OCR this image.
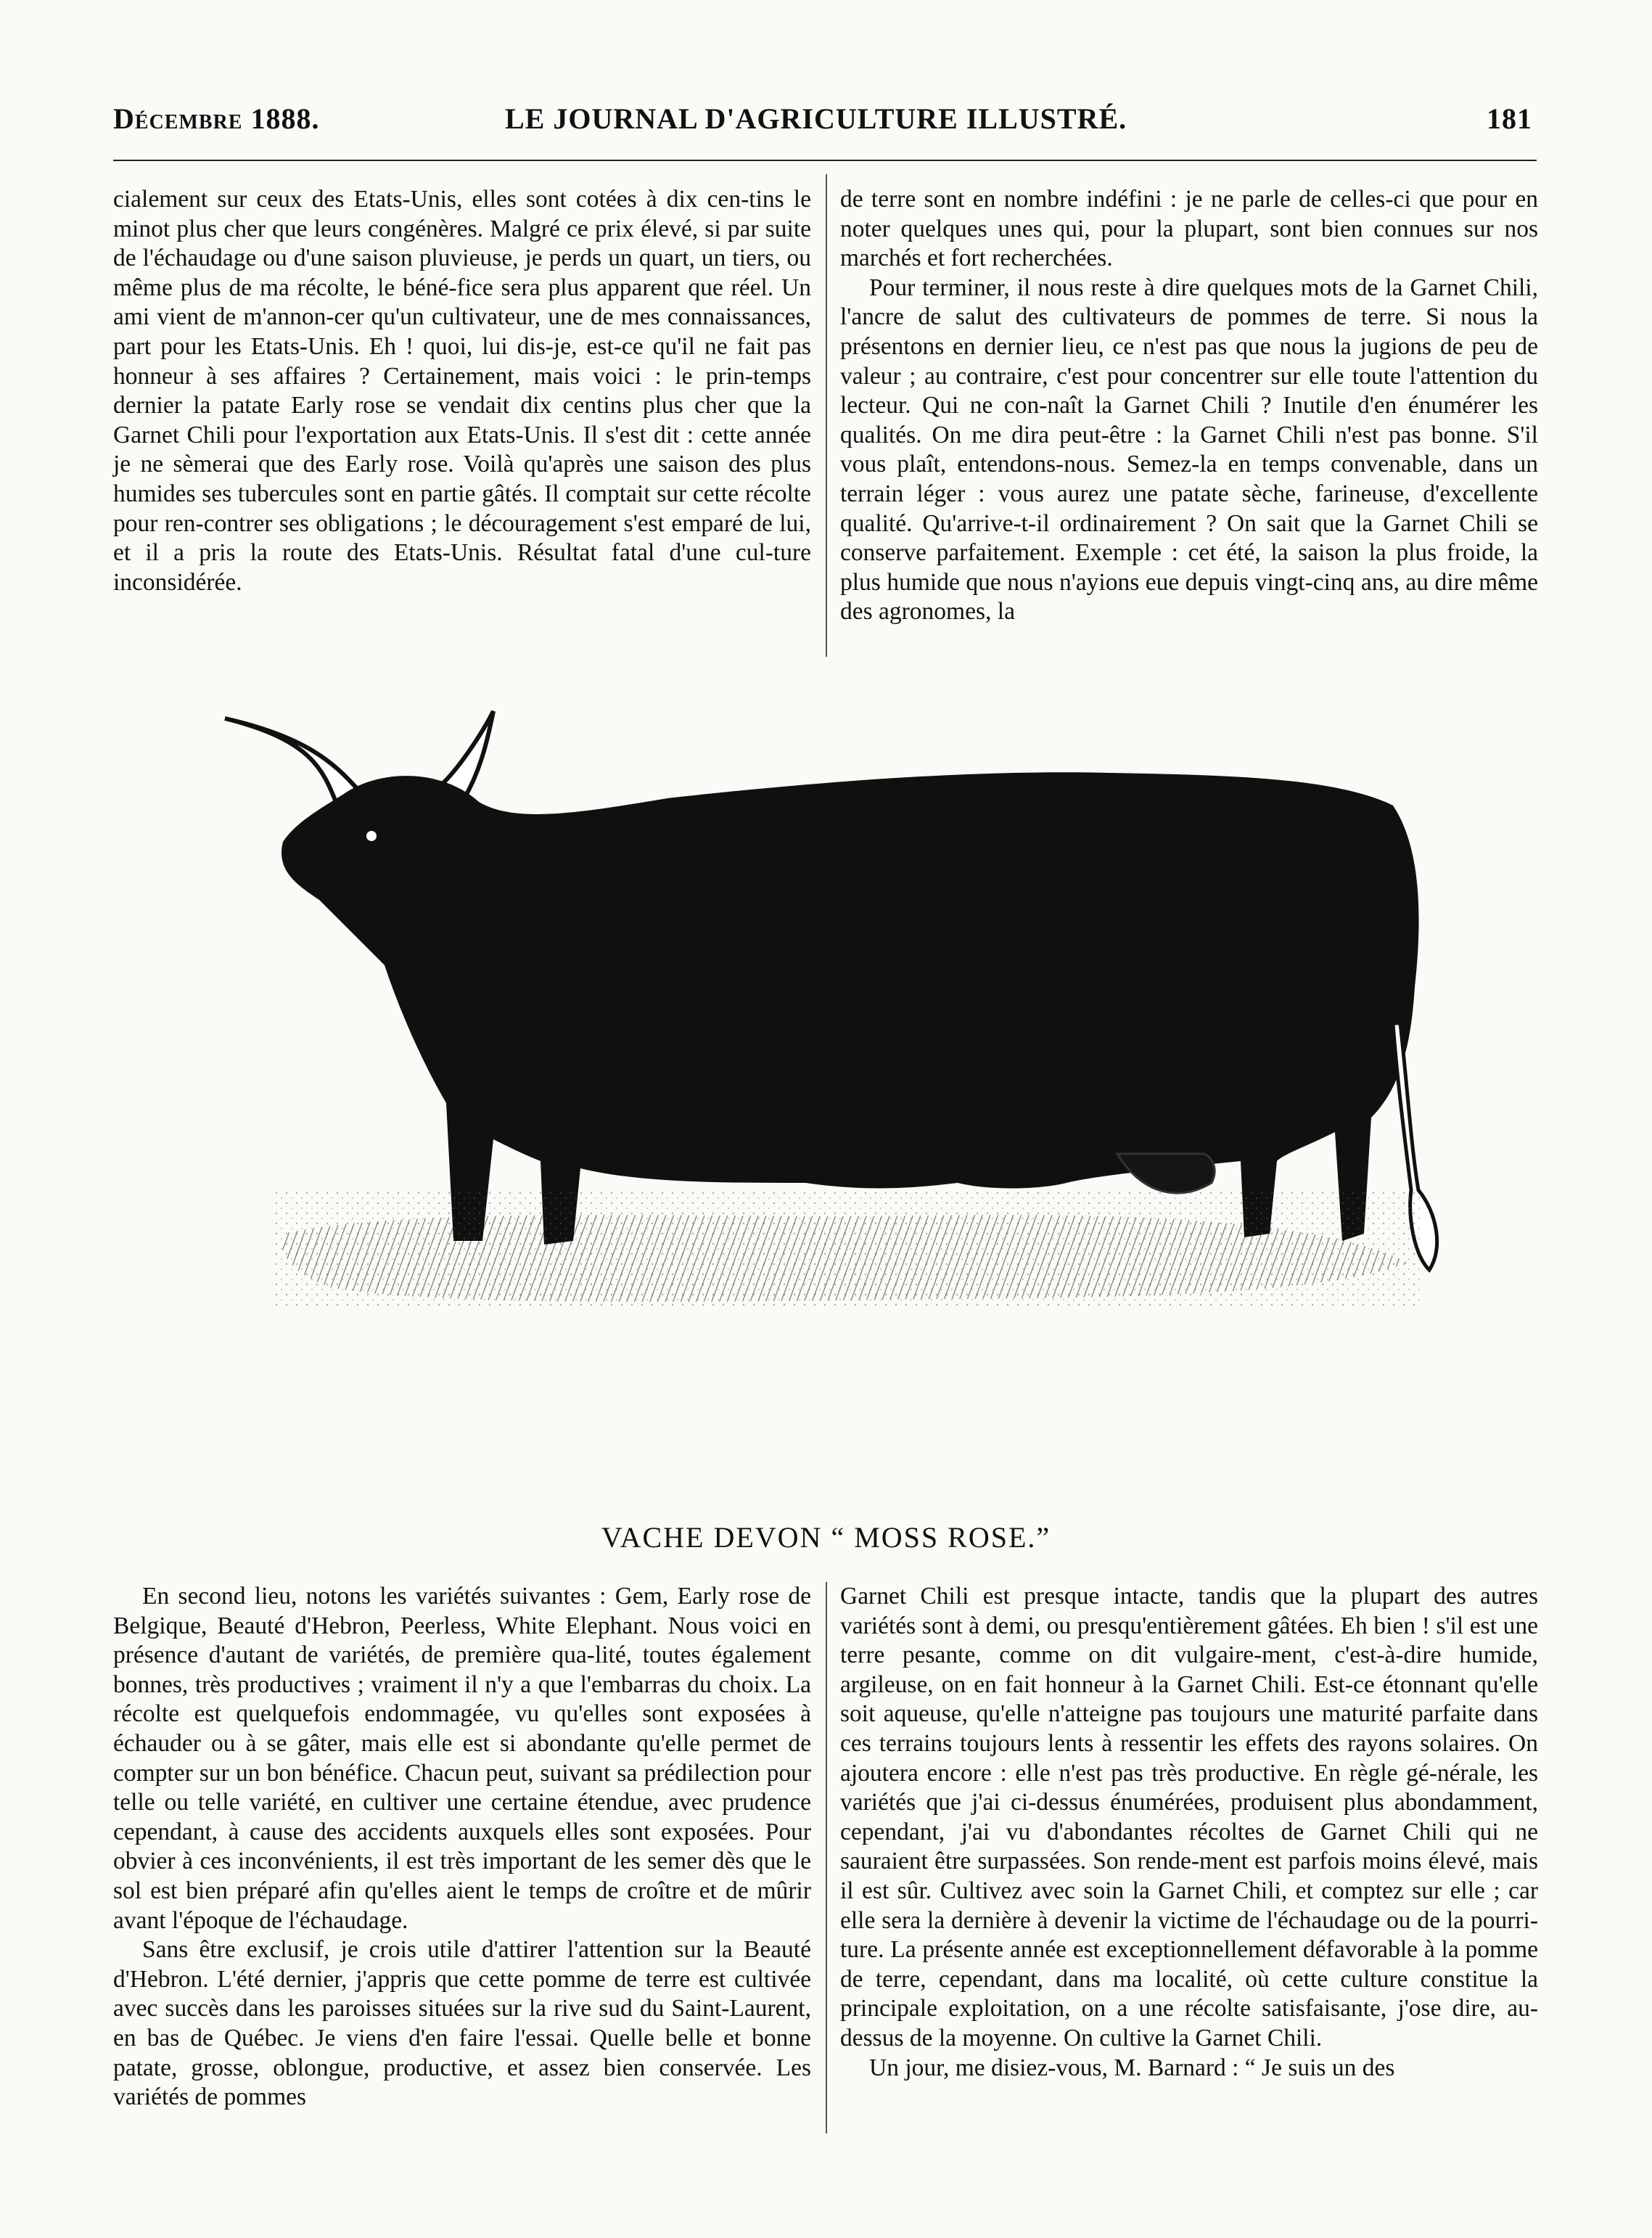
Décembre 1888.	LE JOURNAL D'AGRICULTURE ILLUSTRÉ.	181

cialement sur ceux des Etats-Unis, elles sont cotées à dix cen-tins le minot plus cher que leurs congénères. Malgré ce prix élevé, si par suite de l'échaudage ou d'une saison pluvieuse, je perds un quart, un tiers, ou même plus de ma récolte, le béné-fice sera plus apparent que réel. Un ami vient de m'annon-cer qu'un cultivateur, une de mes connaissances, part pour les Etats-Unis. Eh ! quoi, lui dis-je, est-ce qu'il ne fait pas honneur à ses affaires ? Certainement, mais voici : le prin-temps dernier la patate Early rose se vendait dix centins plus cher que la Garnet Chili pour l'exportation aux Etats-Unis. Il s'est dit : cette année je ne sèmerai que des Early rose. Voilà qu'après une saison des plus humides ses tubercules sont en partie gâtés. Il comptait sur cette récolte pour ren-contrer ses obligations ; le découragement s'est emparé de lui, et il a pris la route des Etats-Unis. Résultat fatal d'une cul-ture inconsidérée.

de terre sont en nombre indéfini : je ne parle de celles-ci que pour en noter quelques unes qui, pour la plupart, sont bien connues sur nos marchés et fort recherchées.

Pour terminer, il nous reste à dire quelques mots de la Garnet Chili, l'ancre de salut des cultivateurs de pommes de terre. Si nous la présentons en dernier lieu, ce n'est pas que nous la jugions de peu de valeur ; au contraire, c'est pour concentrer sur elle toute l'attention du lecteur. Qui ne con-naît la Garnet Chili ? Inutile d'en énumérer les qualités. On me dira peut-être : la Garnet Chili n'est pas bonne. S'il vous plaît, entendons-nous. Semez-la en temps convenable, dans un terrain léger : vous aurez une patate sèche, farineuse, d'excellente qualité. Qu'arrive-t-il ordinairement ? On sait que la Garnet Chili se conserve parfaitement. Exemple : cet été, la saison la plus froide, la plus humide que nous n'ayions eue depuis vingt-cinq ans, au dire même des agronomes, la

VACHE DEVON “ MOSS ROSE.”

En second lieu, notons les variétés suivantes : Gem, Early rose de Belgique, Beauté d'Hebron, Peerless, White Elephant. Nous voici en présence d'autant de variétés, de première qua-lité, toutes également bonnes, très productives ; vraiment il n'y a que l'embarras du choix. La récolte est quelquefois endommagée, vu qu'elles sont exposées à échauder ou à se gâter, mais elle est si abondante qu'elle permet de compter sur un bon bénéfice. Chacun peut, suivant sa prédilection pour telle ou telle variété, en cultiver une certaine étendue, avec prudence cependant, à cause des accidents auxquels elles sont exposées. Pour obvier à ces inconvénients, il est très important de les semer dès que le sol est bien préparé afin qu'elles aient le temps de croître et de mûrir avant l'époque de l'échaudage.

Sans être exclusif, je crois utile d'attirer l'attention sur la Beauté d'Hebron. L'été dernier, j'appris que cette pomme de terre est cultivée avec succès dans les paroisses situées sur la rive sud du Saint-Laurent, en bas de Québec. Je viens d'en faire l'essai. Quelle belle et bonne patate, grosse, oblongue, productive, et assez bien conservée. Les variétés de pommes

Garnet Chili est presque intacte, tandis que la plupart des autres variétés sont à demi, ou presqu'entièrement gâtées. Eh bien ! s'il est une terre pesante, comme on dit vulgaire-ment, c'est-à-dire humide, argileuse, on en fait honneur à la Garnet Chili. Est-ce étonnant qu'elle soit aqueuse, qu'elle n'atteigne pas toujours une maturité parfaite dans ces terrains toujours lents à ressentir les effets des rayons solaires. On ajoutera encore : elle n'est pas très productive. En règle gé-nérale, les variétés que j'ai ci-dessus énumérées, produisent plus abondamment, cependant, j'ai vu d'abondantes récoltes de Garnet Chili qui ne sauraient être surpassées. Son rende-ment est parfois moins élevé, mais il est sûr. Cultivez avec soin la Garnet Chili, et comptez sur elle ; car elle sera la dernière à devenir la victime de l'échaudage ou de la pourri-ture. La présente année est exceptionnellement défavorable à la pomme de terre, cependant, dans ma localité, où cette culture constitue la principale exploitation, on a une récolte satisfaisante, j'ose dire, au-dessus de la moyenne. On cultive la Garnet Chili.

Un jour, me disiez-vous, M. Barnard : “ Je suis un des
